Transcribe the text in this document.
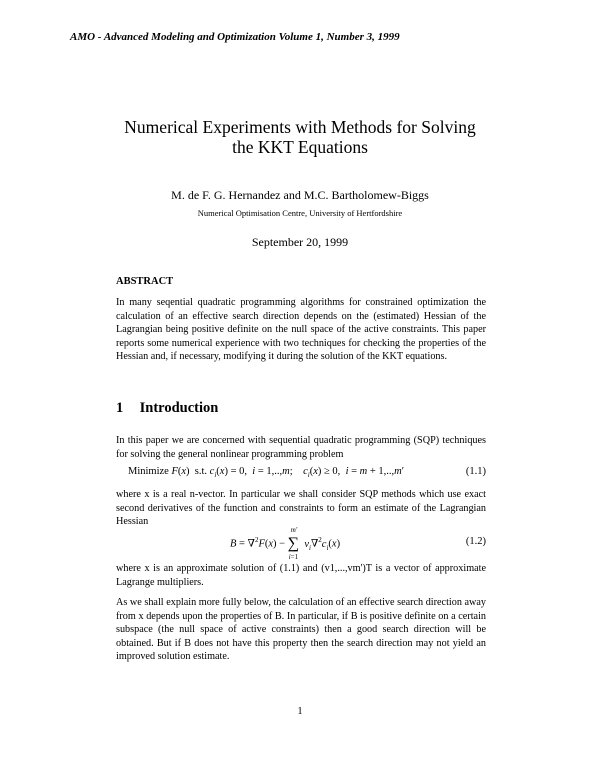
AMO - Advanced Modeling and Optimization Volume 1, Number 3, 1999
Numerical Experiments with Methods for Solving
the KKT Equations
M. de F. G. Hernandez and M.C. Bartholomew-Biggs
Numerical Optimisation Centre, University of Hertfordshire
September 20, 1999
ABSTRACT
In many seqential quadratic programming algorithms for constrained optimization the calculation of an effective search direction depends on the (estimated) Hessian of the Lagrangian being positive definite on the null space of the active constraints. This paper reports some numerical experience with two techniques for checking the properties of the Hessian and, if necessary, modifying it during the solution of the KKT equations.
1 Introduction
In this paper we are concerned with sequential quadratic programming (SQP) techniques for solving the general nonlinear programming problem
Minimize F(x)  s.t. $c_i(x) = 0$,  i = 1,..,m;    $c_i(x) \ge 0$,  i = m + 1,..,m′	(1.1)
where x is a real n-vector. In particular we shall consider SQP methods which use exact second derivatives of the function and constraints to form an estimate of the Lagrangian Hessian
B = ∇$^2$F(x) −
m′
∑
i=1
$v_i\nabla^2c_i(x)$	(1.2)
where x is an approximate solution of (1.1) and (v1,...,vm')T is a vector of approximate Lagrange multipliers.
As we shall explain more fully below, the calculation of an effective search direction away from x depends upon the properties of B. In particular, if B is positive definite on a certain subspace (the null space of active constraints) then a good search direction will be obtained. But if B does not have this property then the search direction may not yield an improved solution estimate.
1
